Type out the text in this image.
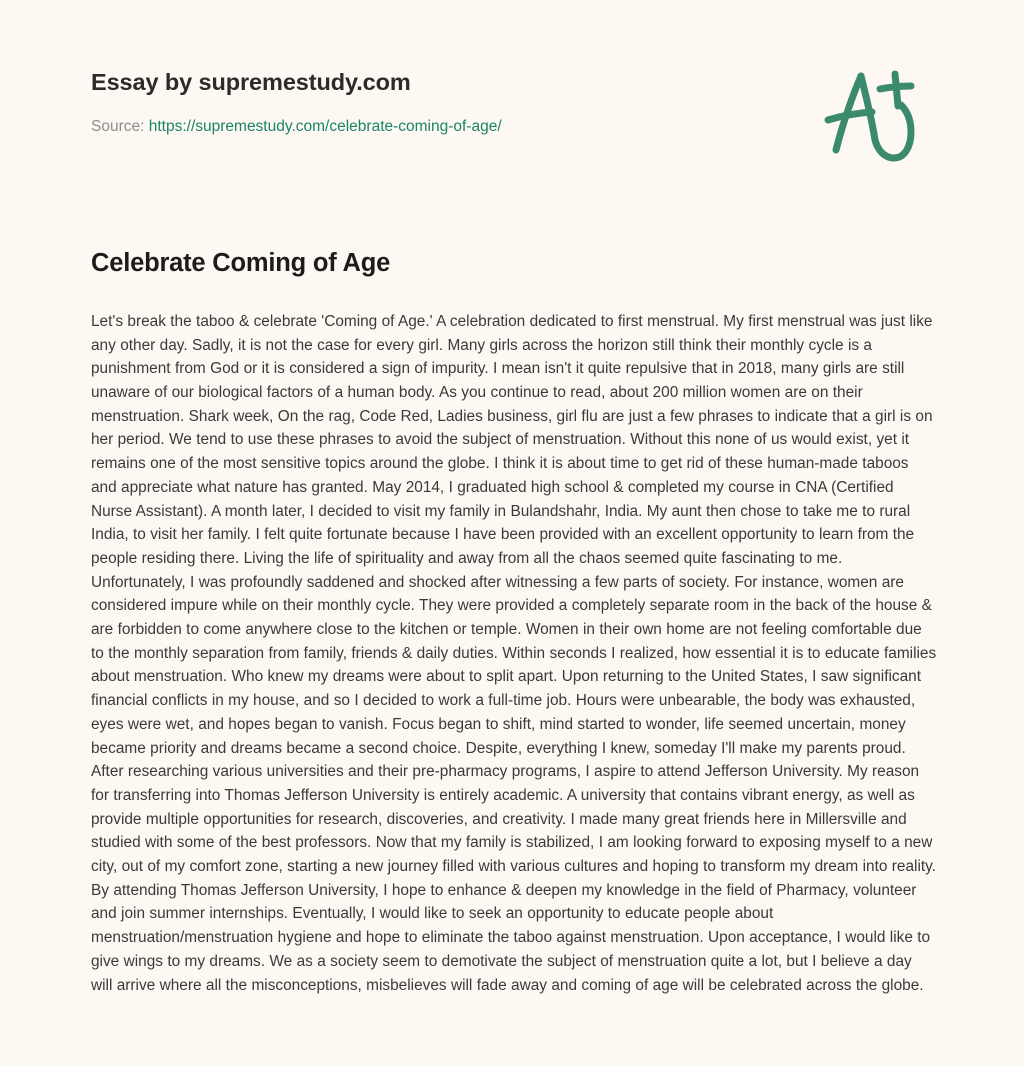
Essay by supremestudy.com

Source: https://supremestudy.com/celebrate-coming-of-age/

Celebrate Coming of Age

Let's break the taboo & celebrate 'Coming of Age.' A celebration dedicated to first menstrual. My first menstrual was just like any other day. Sadly, it is not the case for every girl. Many girls across the horizon still think their monthly cycle is a punishment from God or it is considered a sign of impurity. I mean isn't it quite repulsive that in 2018, many girls are still unaware of our biological factors of a human body. As you continue to read, about 200 million women are on their menstruation. Shark week, On the rag, Code Red, Ladies business, girl flu are just a few phrases to indicate that a girl is on her period. We tend to use these phrases to avoid the subject of menstruation. Without this none of us would exist, yet it remains one of the most sensitive topics around the globe. I think it is about time to get rid of these human-made taboos and appreciate what nature has granted. May 2014, I graduated high school & completed my course in CNA (Certified Nurse Assistant). A month later, I decided to visit my family in Bulandshahr, India. My aunt then chose to take me to rural India, to visit her family. I felt quite fortunate because I have been provided with an excellent opportunity to learn from the people residing there. Living the life of spirituality and away from all the chaos seemed quite fascinating to me. Unfortunately, I was profoundly saddened and shocked after witnessing a few parts of society. For instance, women are considered impure while on their monthly cycle. They were provided a completely separate room in the back of the house & are forbidden to come anywhere close to the kitchen or temple. Women in their own home are not feeling comfortable due to the monthly separation from family, friends & daily duties. Within seconds I realized, how essential it is to educate families about menstruation. Who knew my dreams were about to split apart. Upon returning to the United States, I saw significant financial conflicts in my house, and so I decided to work a full-time job. Hours were unbearable, the body was exhausted, eyes were wet, and hopes began to vanish. Focus began to shift, mind started to wonder, life seemed uncertain, money became priority and dreams became a second choice. Despite, everything I knew, someday I'll make my parents proud. After researching various universities and their pre-pharmacy programs, I aspire to attend Jefferson University. My reason for transferring into Thomas Jefferson University is entirely academic. A university that contains vibrant energy, as well as provide multiple opportunities for research, discoveries, and creativity. I made many great friends here in Millersville and studied with some of the best professors. Now that my family is stabilized, I am looking forward to exposing myself to a new city, out of my comfort zone, starting a new journey filled with various cultures and hoping to transform my dream into reality. By attending Thomas Jefferson University, I hope to enhance & deepen my knowledge in the field of Pharmacy, volunteer and join summer internships. Eventually, I would like to seek an opportunity to educate people about menstruation/menstruation hygiene and hope to eliminate the taboo against menstruation. Upon acceptance, I would like to give wings to my dreams. We as a society seem to demotivate the subject of menstruation quite a lot, but I believe a day will arrive where all the misconceptions, misbelieves will fade away and coming of age will be celebrated across the globe.
